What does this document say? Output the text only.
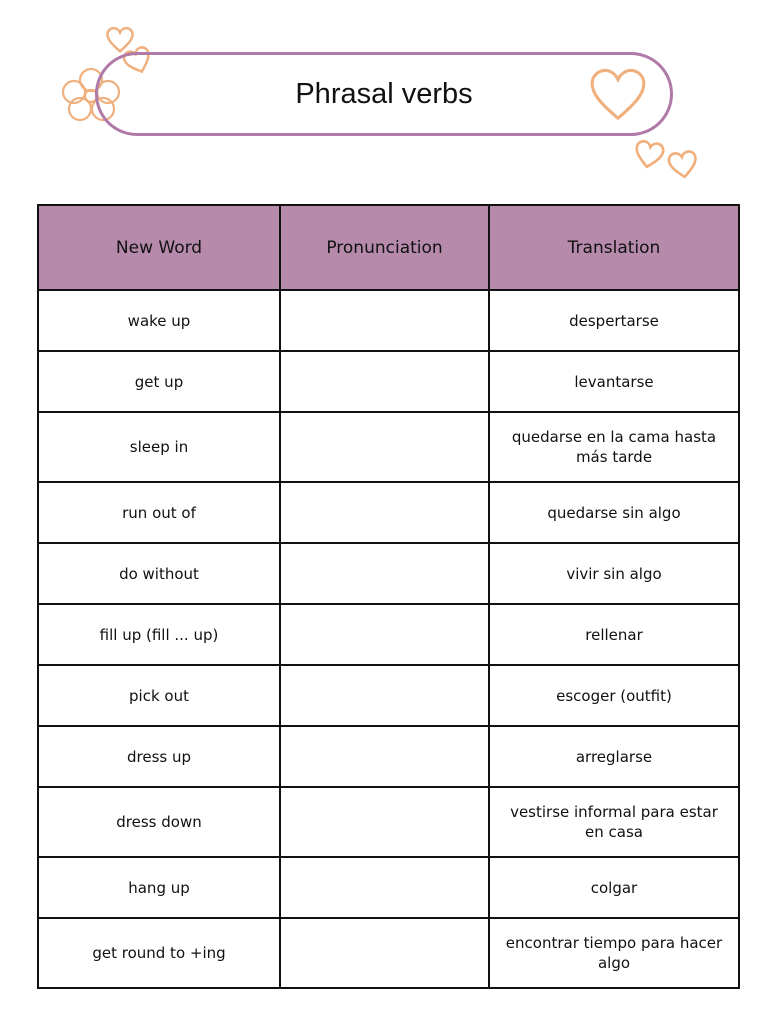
Phrasal verbs
New Word	Pronunciation	Translation
wake up		despertarse
get up		levantarse
sleep in		quedarse en la cama hasta más tarde
run out of		quedarse sin algo
do without		vivir sin algo
fill up (fill ... up)		rellenar
pick out		escoger (outfit)
dress up		arreglarse
dress down		vestirse informal para estar en casa
hang up		colgar
get round to +ing		encontrar tiempo para hacer algo
